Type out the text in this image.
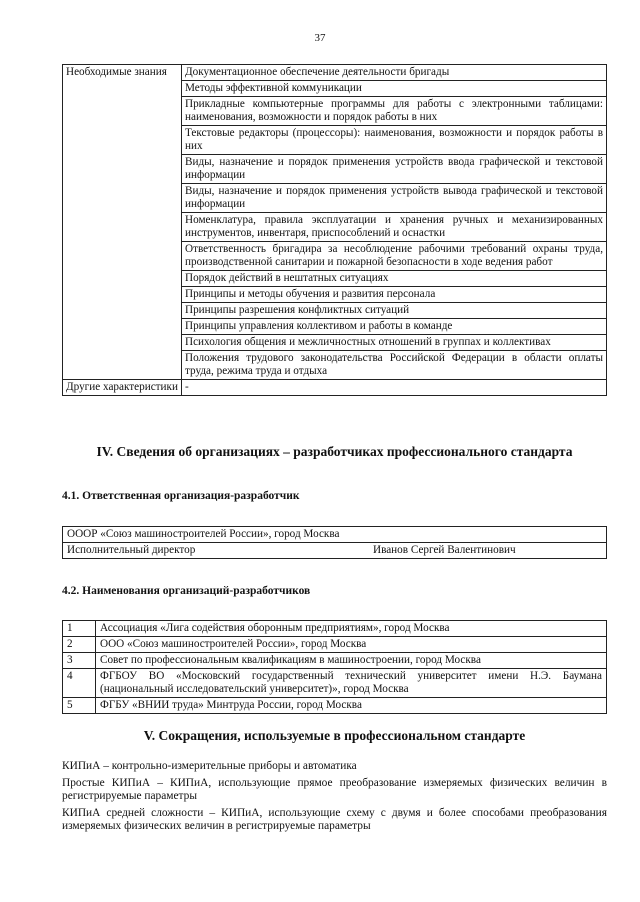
37
Необходимые знания	Документационное обеспечение деятельности бригады
	Методы эффективной коммуникации
	Прикладные компьютерные программы для работы с электронными таблицами: наименования, возможности и порядок работы в них
	Текстовые редакторы (процессоры): наименования, возможности и порядок работы в них
	Виды, назначение и порядок применения устройств ввода графической и текстовой информации
	Виды, назначение и порядок применения устройств вывода графической и текстовой информации
	Номенклатура, правила эксплуатации и хранения ручных и механизированных инструментов, инвентаря, приспособлений и оснастки
	Ответственность бригадира за несоблюдение рабочими требований охраны труда, производственной санитарии и пожарной безопасности в ходе ведения работ
	Порядок действий в нештатных ситуациях
	Принципы и методы обучения и развития персонала
	Принципы разрешения конфликтных ситуаций
	Принципы управления коллективом и работы в команде
	Психология общения и межличностных отношений в группах и коллективах
	Положения трудового законодательства Российской Федерации в области оплаты труда, режима труда и отдыха
Другие характеристики	-
IV. Сведения об организациях – разработчиках профессионального стандарта
4.1. Ответственная организация-разработчик
ОООР «Союз машиностроителей России», город Москва
Исполнительный директор	Иванов Сергей Валентинович
4.2. Наименования организаций-разработчиков
1	Ассоциация «Лига содействия оборонным предприятиям», город Москва
2	ООО «Союз машиностроителей России», город Москва
3	Совет по профессиональным квалификациям в машиностроении, город Москва
4	ФГБОУ ВО «Московский государственный технический университет имени Н.Э. Баумана (национальный исследовательский университет)», город Москва
5	ФГБУ «ВНИИ труда» Минтруда России, город Москва
V. Сокращения, используемые в профессиональном стандарте

КИПиА – контрольно-измерительные приборы и автоматика

Простые КИПиА – КИПиА, использующие прямое преобразование измеряемых физических величин в регистрируемые параметры

КИПиА средней сложности – КИПиА, использующие схему с двумя и более способами преобразования измеряемых физических величин в регистрируемые параметры
